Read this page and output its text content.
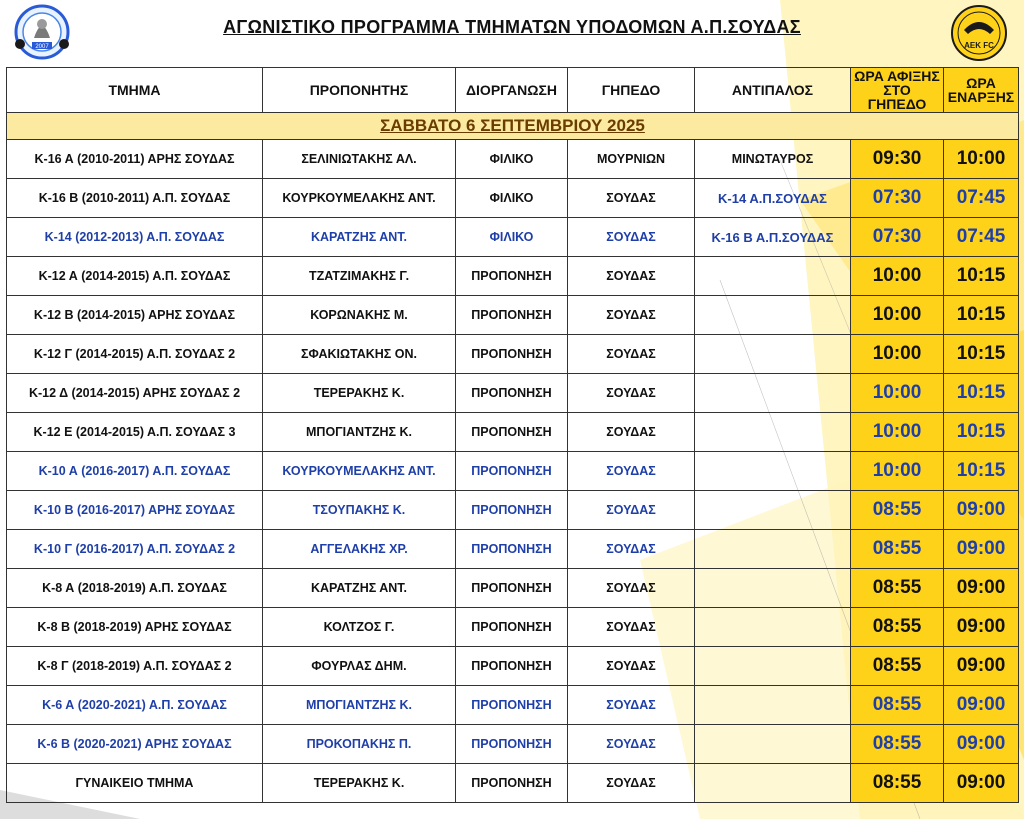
2007
ΑΓΩΝΙΣΤΙΚΟ ΠΡΟΓΡΑΜΜΑ ΤΜΗΜΑΤΩΝ ΥΠΟΔΟΜΩΝ Α.Π.ΣΟΥΔΑΣ
AEK FC
ΤΜΗΜΑ	ΠΡΟΠΟΝΗΤΗΣ	ΔΙΟΡΓΑΝΩΣΗ	ΓΗΠΕΔΟ	ΑΝΤΙΠΑΛΟΣ	ΩΡΑ ΑΦΙΞΗΣ ΣΤΟ ΓΗΠΕΔΟ	ΩΡΑ ΕΝΑΡΞΗΣ
ΣΑΒΒΑΤΟ 6 ΣΕΠΤΕΜΒΡΙΟΥ 2025						
Κ-16 Α (2010-2011) ΑΡΗΣ ΣΟΥΔΑΣ	ΣΕΛΙΝΙΩΤΑΚΗΣ ΑΛ.	ΦΙΛΙΚΟ	ΜΟΥΡΝΙΩΝ	ΜΙΝΩΤΑΥΡΟΣ	09:30	10:00
Κ-16 Β (2010-2011) Α.Π. ΣΟΥΔΑΣ	ΚΟΥΡΚΟΥΜΕΛΑΚΗΣ ΑΝΤ.	ΦΙΛΙΚΟ	ΣΟΥΔΑΣ	Κ-14 Α.Π.ΣΟΥΔΑΣ	07:30	07:45
Κ-14 (2012-2013) Α.Π. ΣΟΥΔΑΣ	ΚΑΡΑΤΖΗΣ ΑΝΤ.	ΦΙΛΙΚΟ	ΣΟΥΔΑΣ	Κ-16 Β Α.Π.ΣΟΥΔΑΣ	07:30	07:45
Κ-12 Α (2014-2015) Α.Π. ΣΟΥΔΑΣ	ΤΖΑΤΖΙΜΑΚΗΣ Γ.	ΠΡΟΠΟΝΗΣΗ	ΣΟΥΔΑΣ		10:00	10:15
Κ-12 Β (2014-2015) ΑΡΗΣ ΣΟΥΔΑΣ	ΚΟΡΩΝΑΚΗΣ Μ.	ΠΡΟΠΟΝΗΣΗ	ΣΟΥΔΑΣ		10:00	10:15
Κ-12 Γ (2014-2015) Α.Π. ΣΟΥΔΑΣ 2	ΣΦΑΚΙΩΤΑΚΗΣ ΟΝ.	ΠΡΟΠΟΝΗΣΗ	ΣΟΥΔΑΣ		10:00	10:15
Κ-12 Δ (2014-2015) ΑΡΗΣ ΣΟΥΔΑΣ 2	ΤΕΡΕΡΑΚΗΣ Κ.	ΠΡΟΠΟΝΗΣΗ	ΣΟΥΔΑΣ		10:00	10:15
Κ-12 Ε (2014-2015) Α.Π. ΣΟΥΔΑΣ 3	ΜΠΟΓΙΑΝΤΖΗΣ Κ.	ΠΡΟΠΟΝΗΣΗ	ΣΟΥΔΑΣ		10:00	10:15
Κ-10 Α (2016-2017) Α.Π. ΣΟΥΔΑΣ	ΚΟΥΡΚΟΥΜΕΛΑΚΗΣ ΑΝΤ.	ΠΡΟΠΟΝΗΣΗ	ΣΟΥΔΑΣ		10:00	10:15
Κ-10 Β (2016-2017) ΑΡΗΣ ΣΟΥΔΑΣ	ΤΣΟΥΠΑΚΗΣ Κ.	ΠΡΟΠΟΝΗΣΗ	ΣΟΥΔΑΣ		08:55	09:00
Κ-10 Γ (2016-2017) Α.Π. ΣΟΥΔΑΣ 2	ΑΓΓΕΛΑΚΗΣ ΧΡ.	ΠΡΟΠΟΝΗΣΗ	ΣΟΥΔΑΣ		08:55	09:00
Κ-8 Α (2018-2019) Α.Π. ΣΟΥΔΑΣ	ΚΑΡΑΤΖΗΣ ΑΝΤ.	ΠΡΟΠΟΝΗΣΗ	ΣΟΥΔΑΣ		08:55	09:00
Κ-8 Β (2018-2019) ΑΡΗΣ ΣΟΥΔΑΣ	ΚΟΛΤΖΟΣ Γ.	ΠΡΟΠΟΝΗΣΗ	ΣΟΥΔΑΣ		08:55	09:00
Κ-8 Γ (2018-2019) Α.Π. ΣΟΥΔΑΣ 2	ΦΟΥΡΛΑΣ ΔΗΜ.	ΠΡΟΠΟΝΗΣΗ	ΣΟΥΔΑΣ		08:55	09:00
Κ-6 Α (2020-2021) Α.Π. ΣΟΥΔΑΣ	ΜΠΟΓΙΑΝΤΖΗΣ Κ.	ΠΡΟΠΟΝΗΣΗ	ΣΟΥΔΑΣ		08:55	09:00
Κ-6 Β (2020-2021) ΑΡΗΣ ΣΟΥΔΑΣ	ΠΡΟΚΟΠΑΚΗΣ Π.	ΠΡΟΠΟΝΗΣΗ	ΣΟΥΔΑΣ		08:55	09:00
ΓΥΝΑΙΚΕΙΟ ΤΜΗΜΑ	ΤΕΡΕΡΑΚΗΣ Κ.	ΠΡΟΠΟΝΗΣΗ	ΣΟΥΔΑΣ		08:55	09:00
